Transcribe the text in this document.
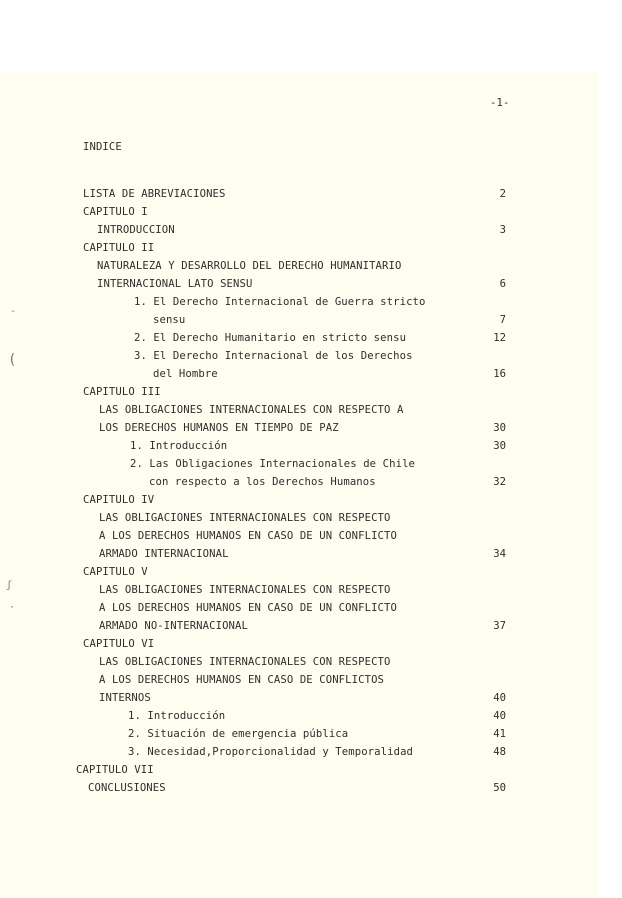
-1-
INDICE
LISTA DE ABREVIACIONES	2
CAPITULO I
INTRODUCCION	3
CAPITULO II
NATURALEZA Y DESARROLLO DEL DERECHO HUMANITARIO
INTERNACIONAL LATO SENSU	6
1. El Derecho Internacional de Guerra stricto
sensu	7
2. El Derecho Humanitario en stricto sensu	12
3. El Derecho Internacional de los Derechos
del Hombre	16
CAPITULO III
LAS OBLIGACIONES INTERNACIONALES CON RESPECTO A
LOS DERECHOS HUMANOS EN TIEMPO DE PAZ	30
1. Introducción	30
2. Las Obligaciones Internacionales de Chile
con respecto a los Derechos Humanos	32
CAPITULO IV
LAS OBLIGACIONES INTERNACIONALES CON RESPECTO
A LOS DERECHOS HUMANOS EN CASO DE UN CONFLICTO
ARMADO INTERNACIONAL	34
CAPITULO V
LAS OBLIGACIONES INTERNACIONALES CON RESPECTO
A LOS DERECHOS HUMANOS EN CASO DE UN CONFLICTO
ARMADO NO-INTERNACIONAL	37
CAPITULO VI
LAS OBLIGACIONES INTERNACIONALES CON RESPECTO
A LOS DERECHOS HUMANOS EN CASO DE CONFLICTOS
INTERNOS	40
1. Introducción	40
2. Situación de emergencia pública	41
3. Necesidad,Proporcionalidad y Temporalidad	48
CAPITULO VII
CONCLUSIONES	50
-
(
ʃ
·
